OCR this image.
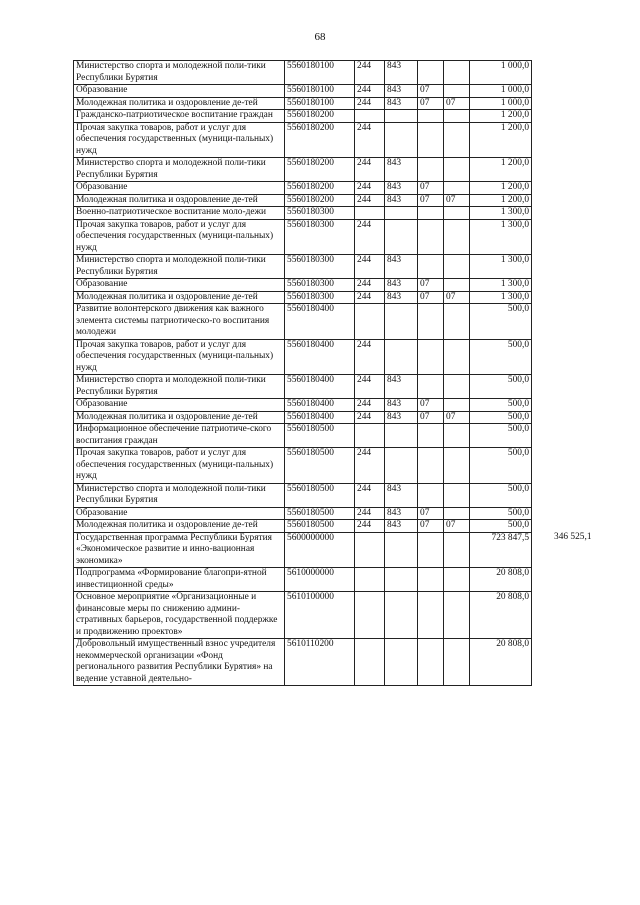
68
Министерство спорта и молодежной поли-тики Республики Бурятия	5560180100	244	843			1 000,0	
Образование	5560180100	244	843	07		1 000,0	
Молодежная политика и оздоровление де-тей	5560180100	244	843	07	07	1 000,0	
Гражданско-патриотическое воспитание граждан	5560180200					1 200,0	
Прочая закупка товаров, работ и услуг для обеспечения государственных (муници-пальных) нужд	5560180200	244				1 200,0	
Министерство спорта и молодежной поли-тики Республики Бурятия	5560180200	244	843			1 200,0	
Образование	5560180200	244	843	07		1 200,0	
Молодежная политика и оздоровление де-тей	5560180200	244	843	07	07	1 200,0	
Военно-патриотическое воспитание моло-дежи	5560180300					1 300,0	
Прочая закупка товаров, работ и услуг для обеспечения государственных (муници-пальных) нужд	5560180300	244				1 300,0	
Министерство спорта и молодежной поли-тики Республики Бурятия	5560180300	244	843			1 300,0	
Образование	5560180300	244	843	07		1 300,0	
Молодежная политика и оздоровление де-тей	5560180300	244	843	07	07	1 300,0	
Развитие волонтерского движения как важного элемента системы патриотическо-го воспитания молодежи	5560180400					500,0	
Прочая закупка товаров, работ и услуг для обеспечения государственных (муници-пальных) нужд	5560180400	244				500,0	
Министерство спорта и молодежной поли-тики Республики Бурятия	5560180400	244	843			500,0	
Образование	5560180400	244	843	07		500,0	
Молодежная политика и оздоровление де-тей	5560180400	244	843	07	07	500,0	
Информационное обеспечение патриотиче-ского воспитания граждан	5560180500					500,0	
Прочая закупка товаров, работ и услуг для обеспечения государственных (муници-пальных) нужд	5560180500	244				500,0	
Министерство спорта и молодежной поли-тики Республики Бурятия	5560180500	244	843			500,0	
Образование	5560180500	244	843	07		500,0	
Молодежная политика и оздоровление де-тей	5560180500	244	843	07	07	500,0	
Государственная программа Республики Бурятия «Экономическое развитие и инно-вационная экономика»	5600000000					723 847,5	346 525,1
Подпрограмма «Формирование благопри-ятной инвестиционной среды»	5610000000					20 808,0	
Основное мероприятие «Организационные и финансовые меры по снижению админи-стративных барьеров, государственной поддержке и продвижению проектов»	5610100000					20 808,0	
Добровольный имущественный взнос учредителя некоммерческой организации «Фонд регионального развития Республики Бурятия» на ведение уставной деятельно-	5610110200					20 808,0	
